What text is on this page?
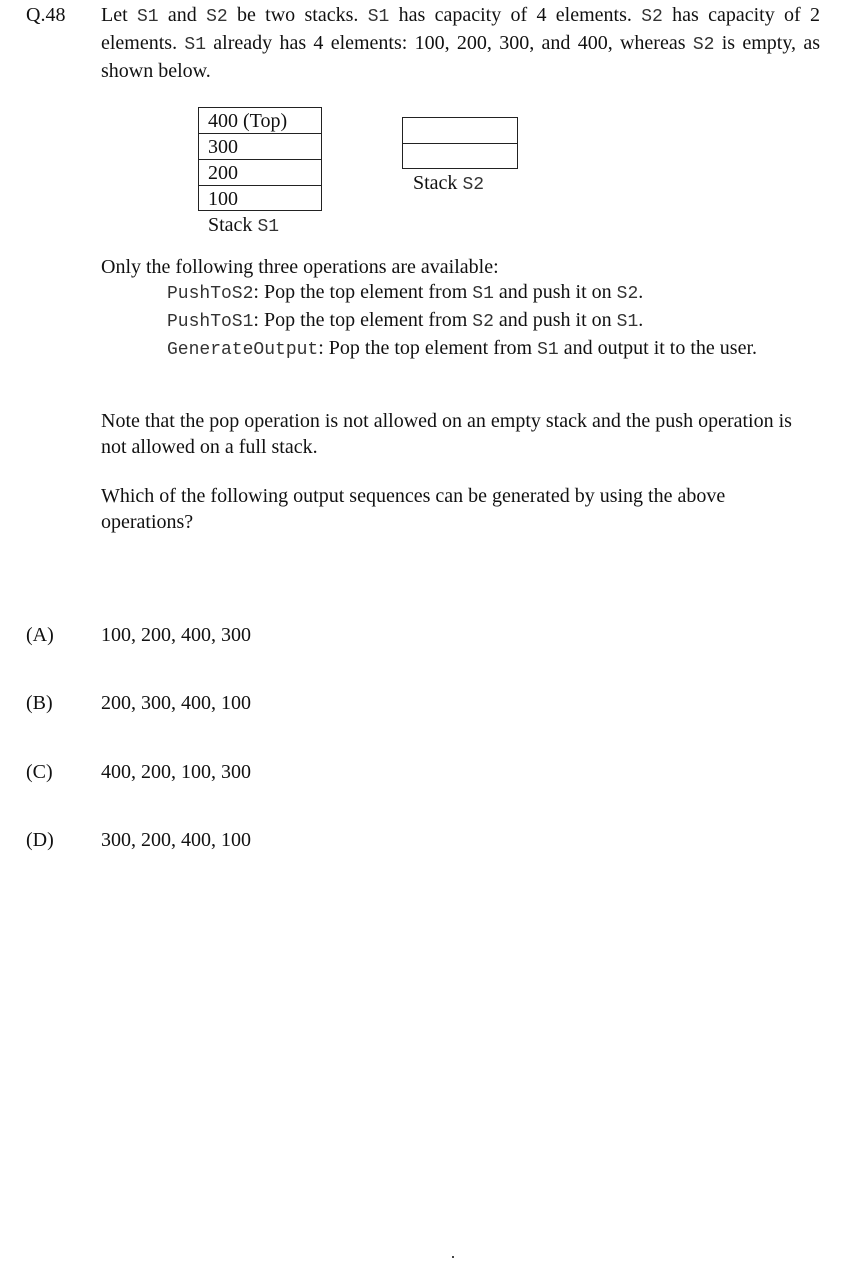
Q.48 Let S1 and S2 be two stacks. S1 has capacity of 4 elements. S2 has capacity of 2 elements. S1 already has 4 elements: 100, 200, 300, and 400, whereas S2 is empty, as shown below.
400 (Top)
300
200
100
Stack S1
Stack S2
Only the following three operations are available:
PushToS2: Pop the top element from S1 and push it on S2.
PushToS1: Pop the top element from S2 and push it on S1.
GenerateOutput: Pop the top element from S1 and output it to the user.
Note that the pop operation is not allowed on an empty stack and the push operation is not allowed on a full stack.
Which of the following output sequences can be generated by using the above operations?
(A) 100, 200, 400, 300
(B) 200, 300, 400, 100
(C) 400, 200, 100, 300
(D) 300, 200, 400, 100
